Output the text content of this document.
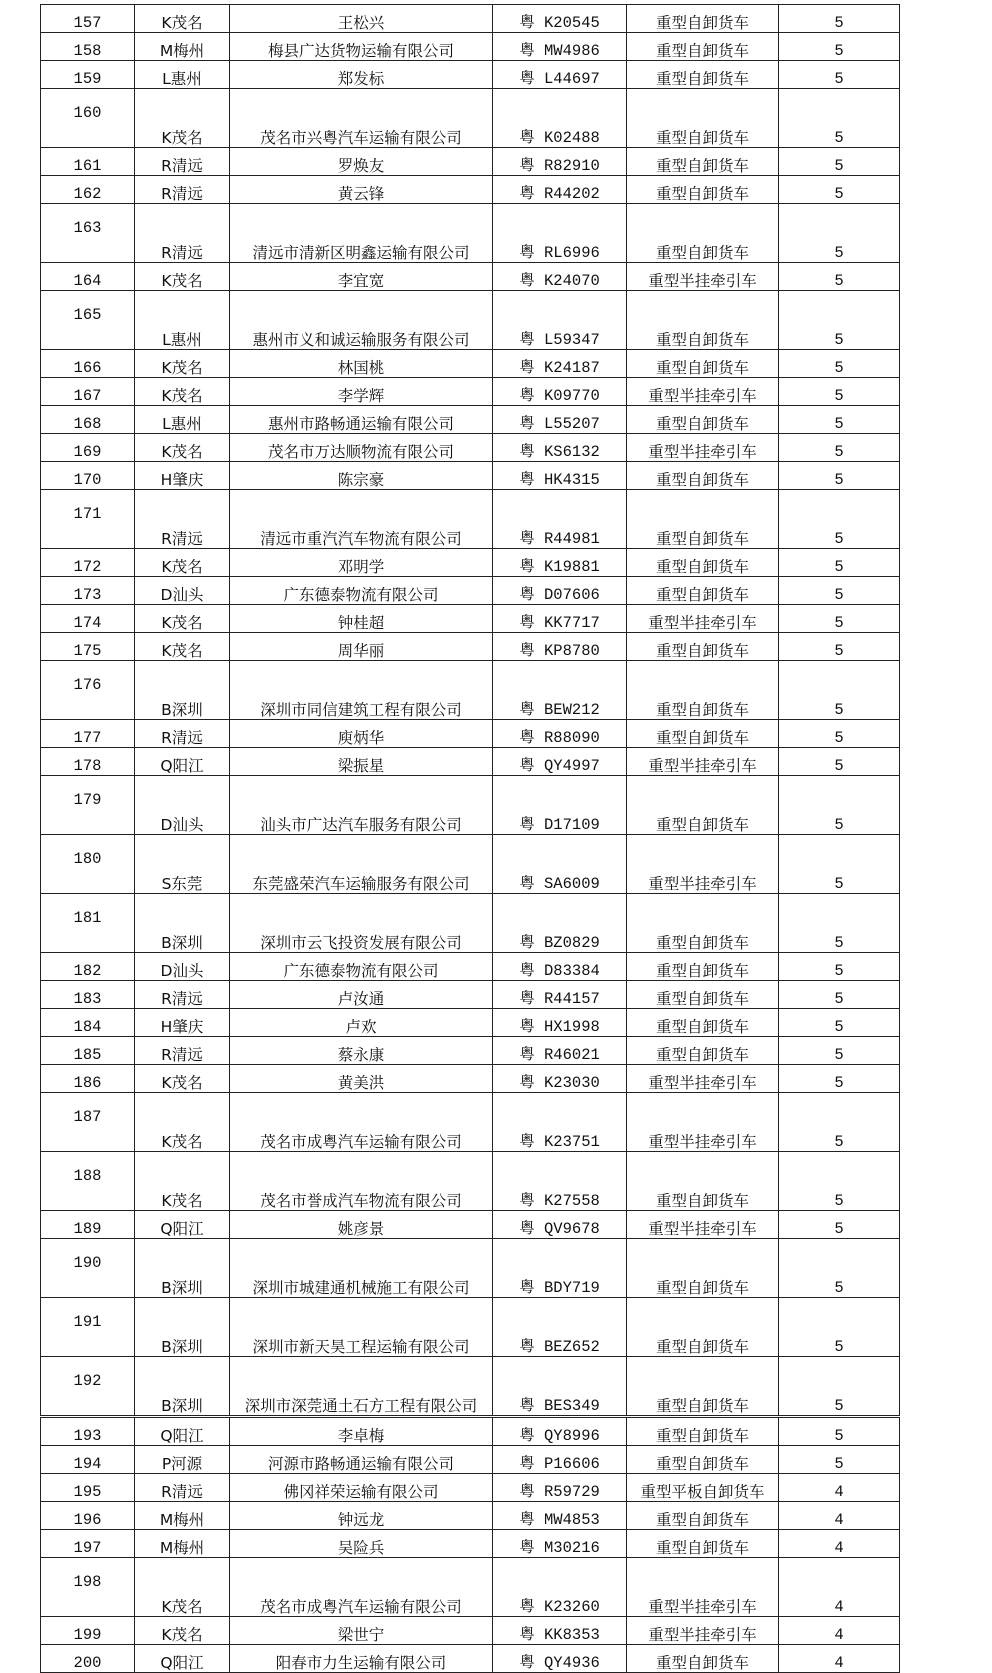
157	K茂名	王松兴	粤 K20545	重型自卸货车	5
158	M梅州	梅县广达货物运输有限公司	粤 MW4986	重型自卸货车	5
159	L惠州	郑发标	粤 L44697	重型自卸货车	5
160	K茂名	茂名市兴粤汽车运输有限公司	粤 K02488	重型自卸货车	5
161	R清远	罗焕友	粤 R82910	重型自卸货车	5
162	R清远	黄云锋	粤 R44202	重型自卸货车	5
163	R清远	清远市清新区明鑫运输有限公司	粤 RL6996	重型自卸货车	5
164	K茂名	李宜宽	粤 K24070	重型半挂牵引车	5
165	L惠州	惠州市义和诚运输服务有限公司	粤 L59347	重型自卸货车	5
166	K茂名	林国桃	粤 K24187	重型自卸货车	5
167	K茂名	李学辉	粤 K09770	重型半挂牵引车	5
168	L惠州	惠州市路畅通运输有限公司	粤 L55207	重型自卸货车	5
169	K茂名	茂名市万达顺物流有限公司	粤 KS6132	重型半挂牵引车	5
170	H肇庆	陈宗豪	粤 HK4315	重型自卸货车	5
171	R清远	清远市重汽汽车物流有限公司	粤 R44981	重型自卸货车	5
172	K茂名	邓明学	粤 K19881	重型自卸货车	5
173	D汕头	广东德泰物流有限公司	粤 D07606	重型自卸货车	5
174	K茂名	钟桂超	粤 KK7717	重型半挂牵引车	5
175	K茂名	周华丽	粤 KP8780	重型自卸货车	5
176	B深圳	深圳市同信建筑工程有限公司	粤 BEW212	重型自卸货车	5
177	R清远	庾炳华	粤 R88090	重型自卸货车	5
178	Q阳江	梁振星	粤 QY4997	重型半挂牵引车	5
179	D汕头	汕头市广达汽车服务有限公司	粤 D17109	重型自卸货车	5
180	S东莞	东莞盛荣汽车运输服务有限公司	粤 SA6009	重型半挂牵引车	5
181	B深圳	深圳市云飞投资发展有限公司	粤 BZ0829	重型自卸货车	5
182	D汕头	广东德泰物流有限公司	粤 D83384	重型自卸货车	5
183	R清远	卢汝通	粤 R44157	重型自卸货车	5
184	H肇庆	卢欢	粤 HX1998	重型自卸货车	5
185	R清远	蔡永康	粤 R46021	重型自卸货车	5
186	K茂名	黄美洪	粤 K23030	重型半挂牵引车	5
187	K茂名	茂名市成粤汽车运输有限公司	粤 K23751	重型半挂牵引车	5
188	K茂名	茂名市誉成汽车物流有限公司	粤 K27558	重型自卸货车	5
189	Q阳江	姚彦景	粤 QV9678	重型半挂牵引车	5
190	B深圳	深圳市城建通机械施工有限公司	粤 BDY719	重型自卸货车	5
191	B深圳	深圳市新天昊工程运输有限公司	粤 BEZ652	重型自卸货车	5
192	B深圳	深圳市深莞通土石方工程有限公司	粤 BES349	重型自卸货车	5
193	Q阳江	李卓梅	粤 QY8996	重型自卸货车	5
194	P河源	河源市路畅通运输有限公司	粤 P16606	重型自卸货车	5
195	R清远	佛冈祥荣运输有限公司	粤 R59729	重型平板自卸货车	4
196	M梅州	钟远龙	粤 MW4853	重型自卸货车	4
197	M梅州	吴险兵	粤 M30216	重型自卸货车	4
198	K茂名	茂名市成粤汽车运输有限公司	粤 K23260	重型半挂牵引车	4
199	K茂名	梁世宁	粤 KK8353	重型半挂牵引车	4
200	Q阳江	阳春市力生运输有限公司	粤 QY4936	重型自卸货车	4
